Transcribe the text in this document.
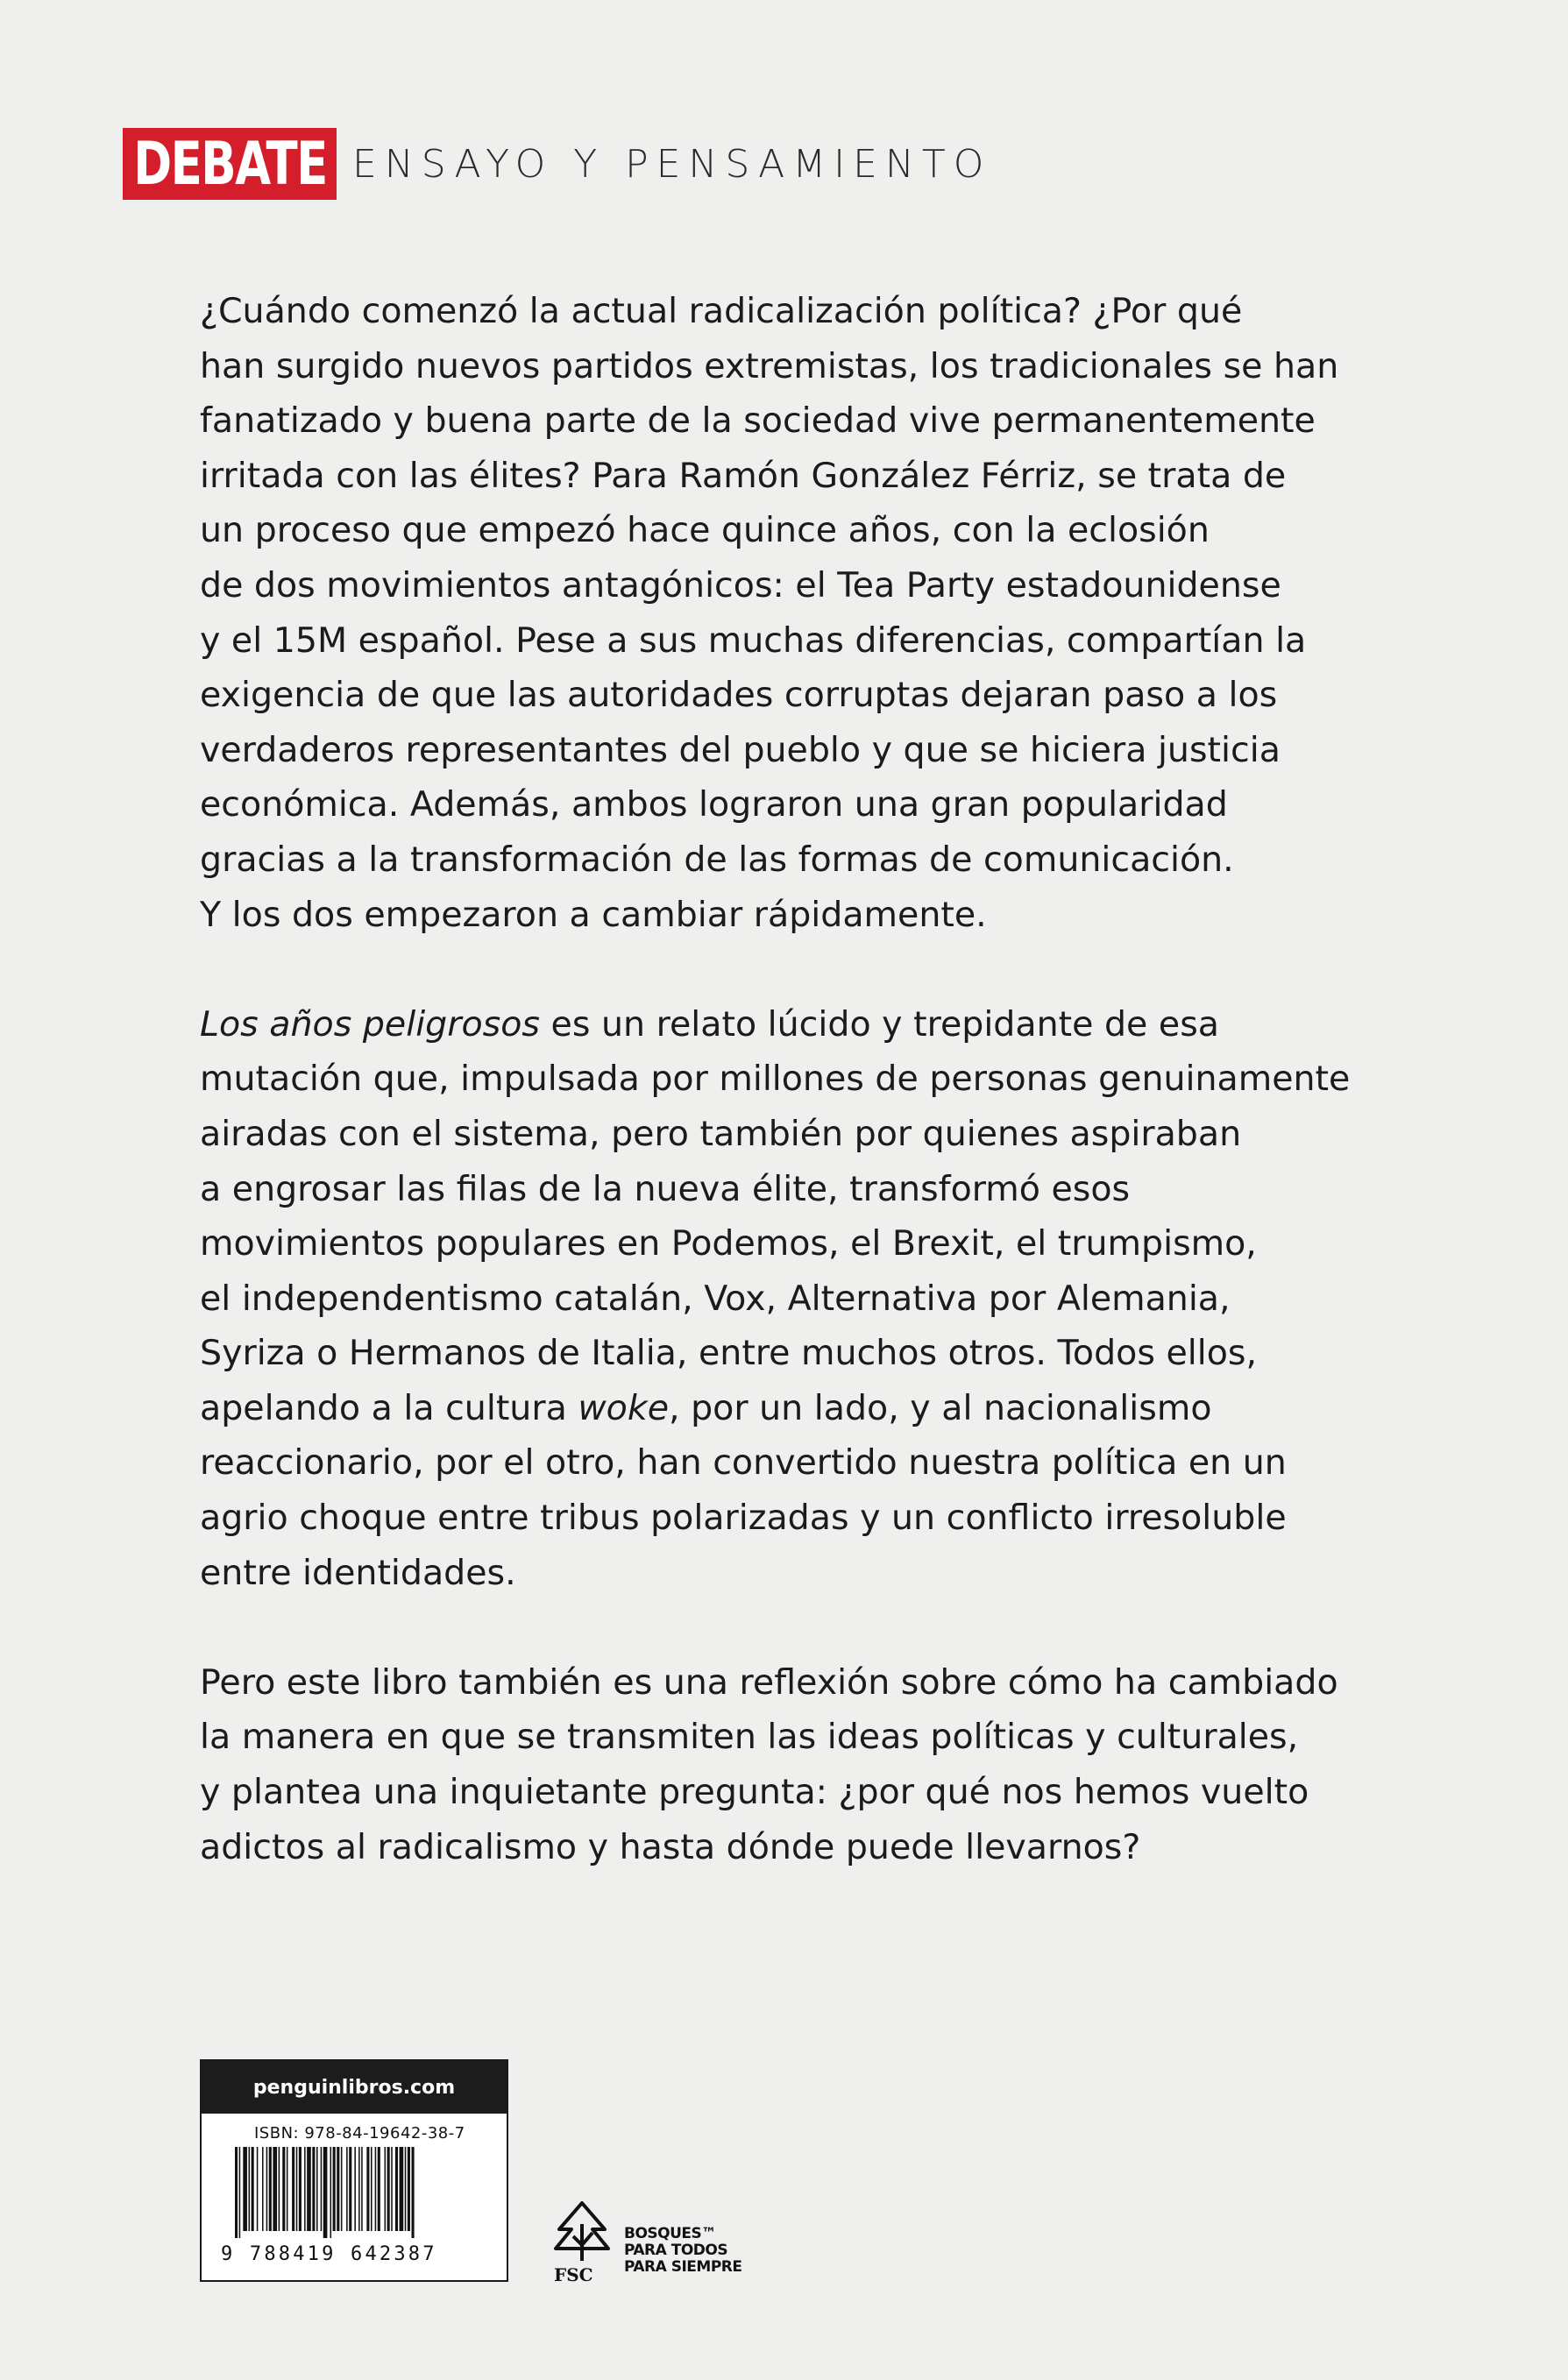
DEBATE ENSAYO Y PENSAMIENTO
¿Cuándo comenzó la actual radicalización política? ¿Por qué
han surgido nuevos partidos extremistas, los tradicionales se han
fanatizado y buena parte de la sociedad vive permanentemente
irritada con las élites? Para Ramón González Férriz, se trata de
un proceso que empezó hace quince años, con la eclosión
de dos movimientos antagónicos: el Tea Party estadounidense
y el 15M español. Pese a sus muchas diferencias, compartían la
exigencia de que las autoridades corruptas dejaran paso a los
verdaderos representantes del pueblo y que se hiciera justicia
económica. Además, ambos lograron una gran popularidad
gracias a la transformación de las formas de comunicación.
Y los dos empezaron a cambiar rápidamente.
Los años peligrosos es un relato lúcido y trepidante de esa
mutación que, impulsada por millones de personas genuinamente
airadas con el sistema, pero también por quienes aspiraban
a engrosar las filas de la nueva élite, transformó esos
movimientos populares en Podemos, el Brexit, el trumpismo,
el independentismo catalán, Vox, Alternativa por Alemania,
Syriza o Hermanos de Italia, entre muchos otros. Todos ellos,
apelando a la cultura woke, por un lado, y al nacionalismo
reaccionario, por el otro, han convertido nuestra política en un
agrio choque entre tribus polarizadas y un conflicto irresoluble
entre identidades.
Pero este libro también es una reflexión sobre cómo ha cambiado
la manera en que se transmiten las ideas políticas y culturales,
y plantea una inquietante pregunta: ¿por qué nos hemos vuelto
adictos al radicalismo y hasta dónde puede llevarnos?
penguinlibros.com
ISBN: 978-84-19642-38-7
9 788419 642387
FSC
BOSQUES™
PARA TODOS
PARA SIEMPRE
